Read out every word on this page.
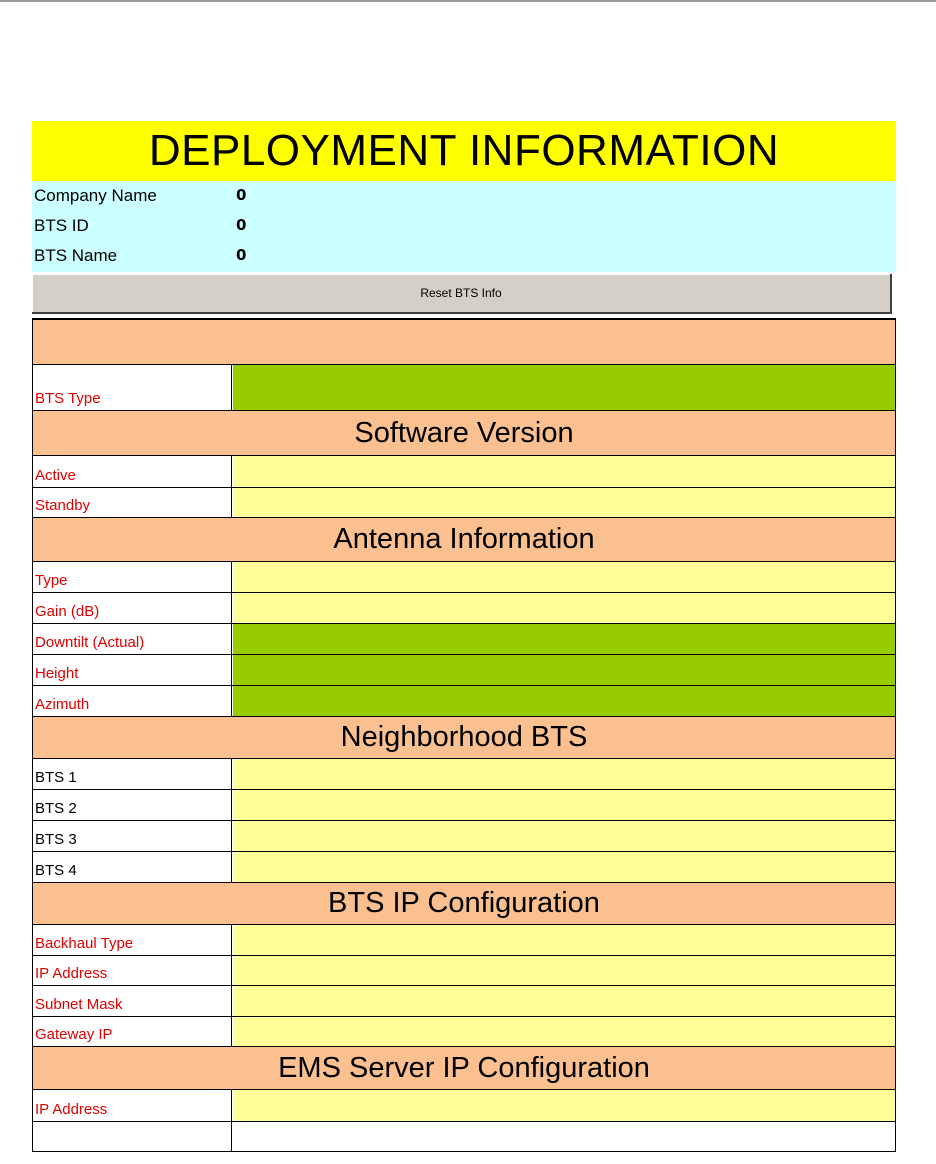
DEPLOYMENT INFORMATION
Company Name	0
BTS ID	0
BTS Name	0
Reset BTS Info
BTS Type
Software Version
Active
Standby
Antenna Information
Type
Gain (dB)
Downtilt (Actual)
Height
Azimuth
Neighborhood BTS
BTS 1
BTS 2
BTS 3
BTS 4
BTS IP Configuration
Backhaul Type
IP Address
Subnet Mask
Gateway IP
EMS Server IP Configuration
IP Address
